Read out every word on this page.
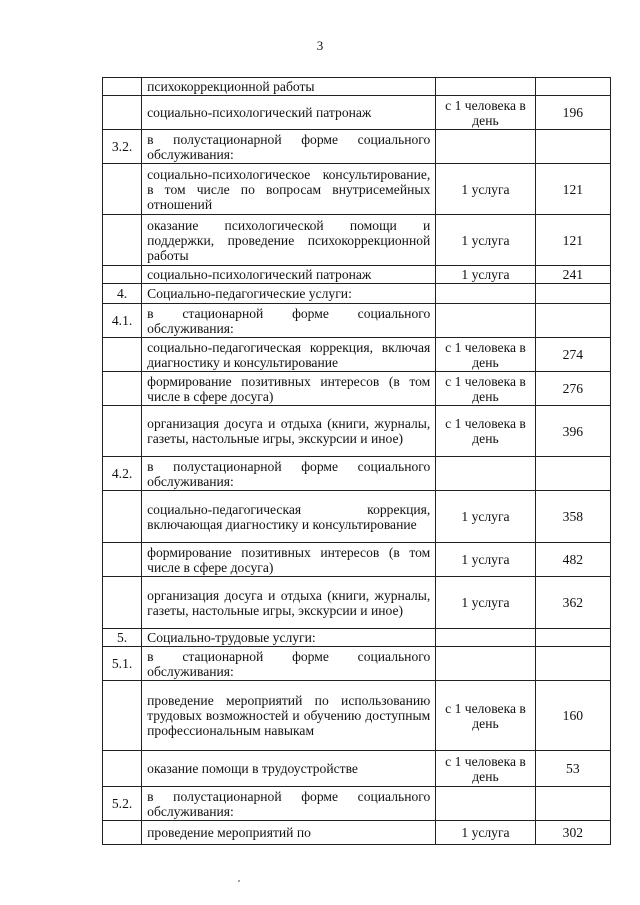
3
	психокоррекционной работы		
	социально-психологический патронаж	с 1 человека в день	196
3.2.	в полустационарной форме социального обслуживания:		
	социально-психологическое консультирование, в том числе по вопросам внутрисемейных отношений	1 услуга	121
	оказание психологической помощи и поддержки, проведение психокоррекционной работы	1 услуга	121
	социально-психологический патронаж	1 услуга	241
4.	Социально-педагогические услуги:		
4.1.	в стационарной форме социального обслуживания:		
	социально-педагогическая коррекция, включая диагностику и консультирование	с 1 человека в день	274
	формирование позитивных интересов (в том числе в сфере досуга)	с 1 человека в день	276
	организация досуга и отдыха (книги, журналы, газеты, настольные игры, экскурсии и иное)	с 1 человека в день	396
4.2.	в полустационарной форме социального обслуживания:		
	социально-педагогическая коррекция, включающая диагностику и консультирование	1 услуга	358
	формирование позитивных интересов (в том числе в сфере досуга)	1 услуга	482
	организация досуга и отдыха (книги, журналы, газеты, настольные игры, экскурсии и иное)	1 услуга	362
5.	Социально-трудовые услуги:		
5.1.	в стационарной форме социального обслуживания:		
	проведение мероприятий по использованию трудовых возможностей и обучению доступным профессиональным навыкам	с 1 человека в день	160
	оказание помощи в трудоустройстве	с 1 человека в день	53
5.2.	в полустационарной форме социального обслуживания:		
	проведение мероприятий по	1 услуга	302
